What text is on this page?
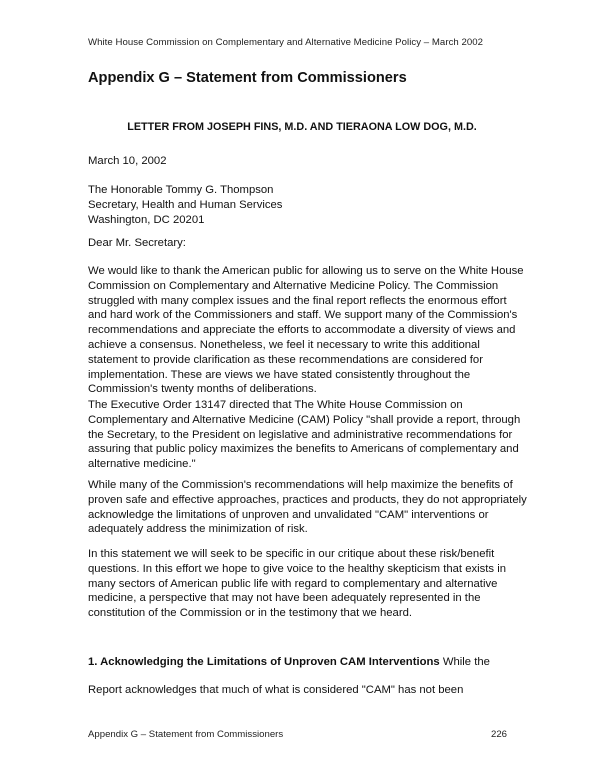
White House Commission on Complementary and Alternative Medicine Policy – March 2002
Appendix G – Statement from Commissioners
LETTER FROM JOSEPH FINS, M.D. AND TIERAONA LOW DOG, M.D.

March 10, 2002

The Honorable Tommy G. Thompson
Secretary, Health and Human Services
Washington, DC 20201

Dear Mr. Secretary:

We would like to thank the American public for allowing us to serve on the White House Commission on Complementary and Alternative Medicine Policy. The Commission struggled with many complex issues and the final report reflects the enormous effort and hard work of the Commissioners and staff. We support many of the Commission's recommendations and appreciate the efforts to accommodate a diversity of views and achieve a consensus. Nonetheless, we feel it necessary to write this additional statement to provide clarification as these recommendations are considered for implementation. These are views we have stated consistently throughout the Commission's twenty months of deliberations.

The Executive Order 13147 directed that The White House Commission on Complementary and Alternative Medicine (CAM) Policy "shall provide a report, through the Secretary, to the President on legislative and administrative recommendations for assuring that public policy maximizes the benefits to Americans of complementary and alternative medicine."

While many of the Commission's recommendations will help maximize the benefits of proven safe and effective approaches, practices and products, they do not appropriately acknowledge the limitations of unproven and unvalidated "CAM" interventions or adequately address the minimization of risk.

In this statement we will seek to be specific in our critique about these risk/benefit questions. In this effort we hope to give voice to the healthy skepticism that exists in many sectors of American public life with regard to complementary and alternative medicine, a perspective that may not have been adequately represented in the constitution of the Commission or in the testimony that we heard.

1. Acknowledging the Limitations of Unproven CAM Interventions While the

Report acknowledges that much of what is considered "CAM" has not been

Appendix G – Statement from Commissioners	226
